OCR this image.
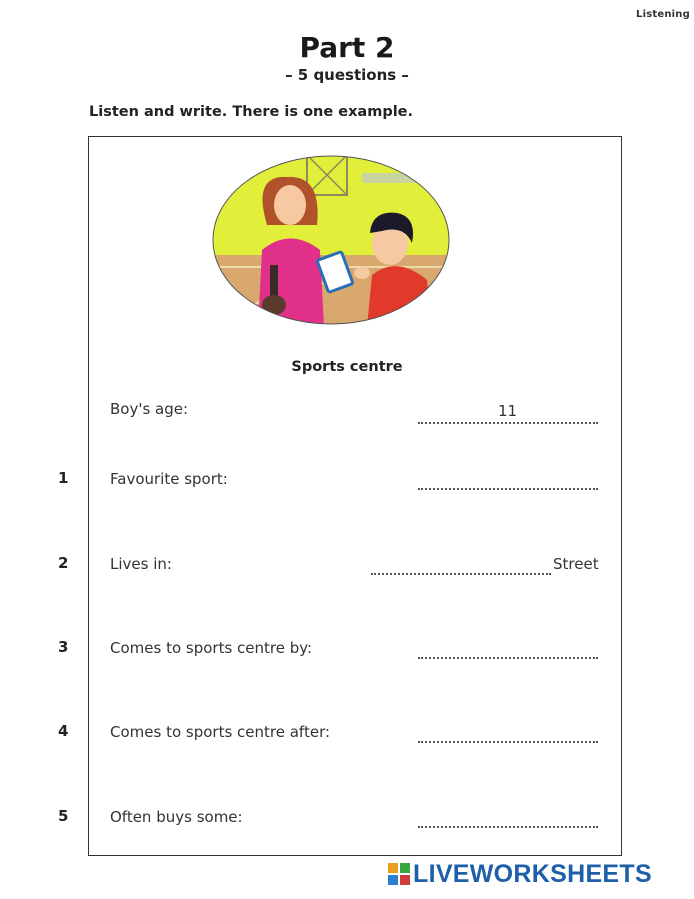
Listening
Part 2
– 5 questions –
Listen and write. There is one example.
Sports centre
Boy's age:	11
1	Favourite sport:
2	Lives in:	Street
3	Comes to sports centre by:
4	Comes to sports centre after:
5	Often buys some:
LIVEWORKSHEETS
